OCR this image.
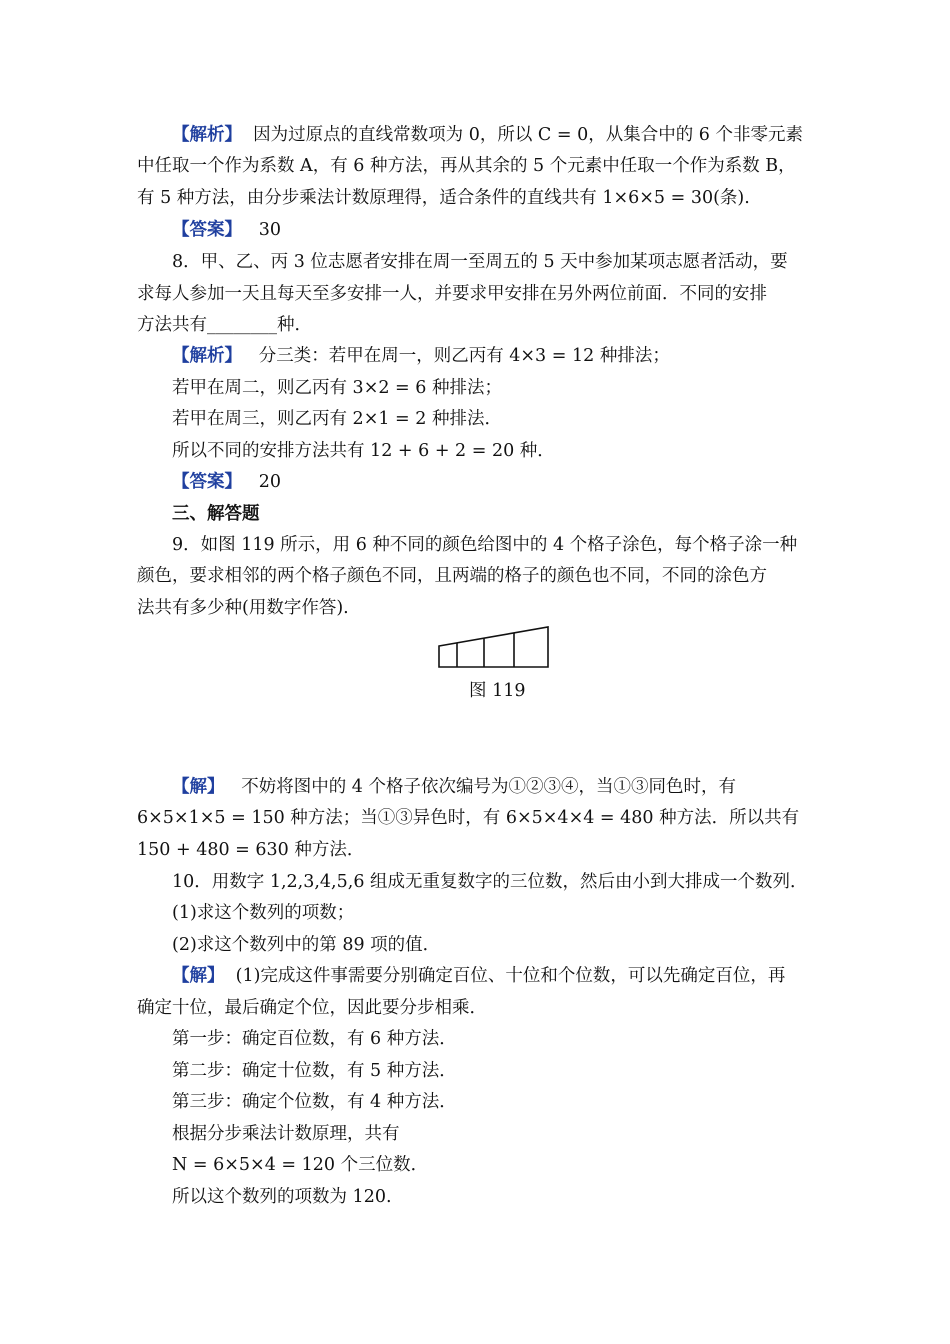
【解析】 因为过原点的直线常数项为 0，所以 C = 0，从集合中的 6 个非零元素
中任取一个作为系数 A，有 6 种方法，再从其余的 5 个元素中任取一个作为系数 B，
有 5 种方法，由分步乘法计数原理得，适合条件的直线共有 1×6×5 = 30(条).
【答案】 30
8．甲、乙、丙 3 位志愿者安排在周一至周五的 5 天中参加某项志愿者活动，要
求每人参加一天且每天至多安排一人，并要求甲安排在另外两位前面．不同的安排
方法共有________种．
【解析】 分三类：若甲在周一，则乙丙有 4×3 = 12 种排法；
若甲在周二，则乙丙有 3×2 = 6 种排法；
若甲在周三，则乙丙有 2×1 = 2 种排法．
所以不同的安排方法共有 12 + 6 + 2 = 20 种．
【答案】 20
三、解答题
9．如图 119 所示，用 6 种不同的颜色给图中的 4 个格子涂色，每个格子涂一种
颜色，要求相邻的两个格子颜色不同，且两端的格子的颜色也不同，不同的涂色方
法共有多少种(用数字作答).
图 119
【解】 不妨将图中的 4 个格子依次编号为①②③④，当①③同色时，有
6×5×1×5 = 150 种方法；当①③异色时，有 6×5×4×4 = 480 种方法．所以共有
150 + 480 = 630 种方法．
10．用数字 1,2,3,4,5,6 组成无重复数字的三位数，然后由小到大排成一个数列．
(1)求这个数列的项数；
(2)求这个数列中的第 89 项的值．
【解】 (1)完成这件事需要分别确定百位、十位和个位数，可以先确定百位，再
确定十位，最后确定个位，因此要分步相乘．
第一步：确定百位数，有 6 种方法．
第二步：确定十位数，有 5 种方法．
第三步：确定个位数，有 4 种方法．
根据分步乘法计数原理，共有
N = 6×5×4 = 120 个三位数．
所以这个数列的项数为 120.
